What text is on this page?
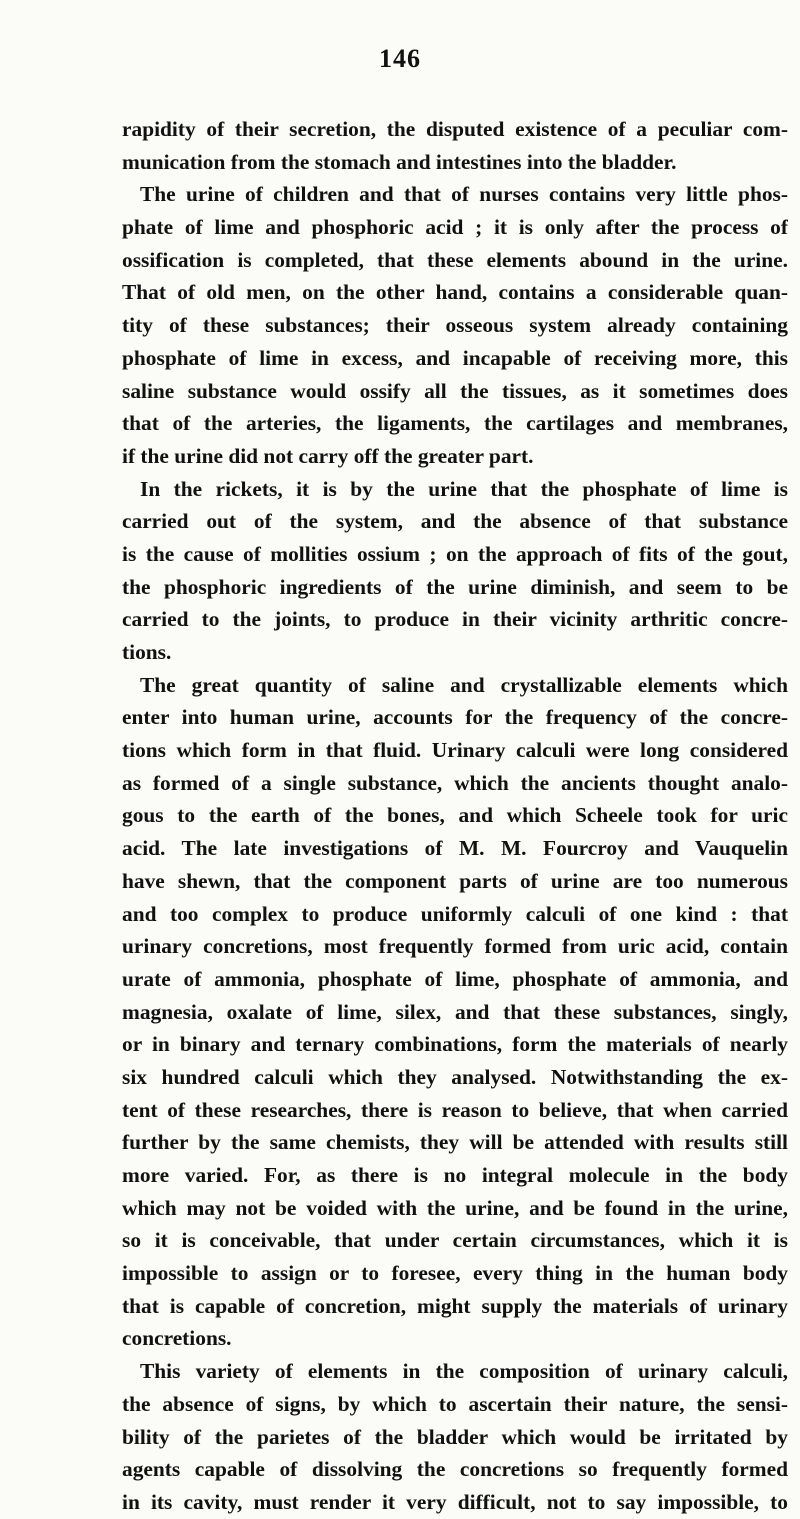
146
rapidity of their secretion, the disputed existence of a peculiar com-
munication from the stomach and intestines into the bladder.
The urine of children and that of nurses contains very little phos-
phate of lime and phosphoric acid ; it is only after the process of
ossification is completed, that these elements abound in the urine.
That of old men, on the other hand, contains a considerable quan-
tity of these substances; their osseous system already containing
phosphate of lime in excess, and incapable of receiving more, this
saline substance would ossify all the tissues, as it sometimes does
that of the arteries, the ligaments, the cartilages and membranes,
if the urine did not carry off the greater part.
In the rickets, it is by the urine that the phosphate of lime is
carried out of the system, and the absence of that substance
is the cause of mollities ossium ; on the approach of fits of the gout,
the phosphoric ingredients of the urine diminish, and seem to be
carried to the joints, to produce in their vicinity arthritic concre-
tions.
The great quantity of saline and crystallizable elements which
enter into human urine, accounts for the frequency of the concre-
tions which form in that fluid. Urinary calculi were long considered
as formed of a single substance, which the ancients thought analo-
gous to the earth of the bones, and which Scheele took for uric
acid. The late investigations of M. M. Fourcroy and Vauquelin
have shewn, that the component parts of urine are too numerous
and too complex to produce uniformly calculi of one kind : that
urinary concretions, most frequently formed from uric acid, contain
urate of ammonia, phosphate of lime, phosphate of ammonia, and
magnesia, oxalate of lime, silex, and that these substances, singly,
or in binary and ternary combinations, form the materials of nearly
six hundred calculi which they analysed. Notwithstanding the ex-
tent of these researches, there is reason to believe, that when carried
further by the same chemists, they will be attended with results still
more varied. For, as there is no integral molecule in the body
which may not be voided with the urine, and be found in the urine,
so it is conceivable, that under certain circumstances, which it is
impossible to assign or to foresee, every thing in the human body
that is capable of concretion, might supply the materials of urinary
concretions.
This variety of elements in the composition of urinary calculi,
the absence of signs, by which to ascertain their nature, the sensi-
bility of the parietes of the bladder which would be irritated by
agents capable of dissolving the concretions so frequently formed
in its cavity, must render it very difficult, not to say impossible, to
